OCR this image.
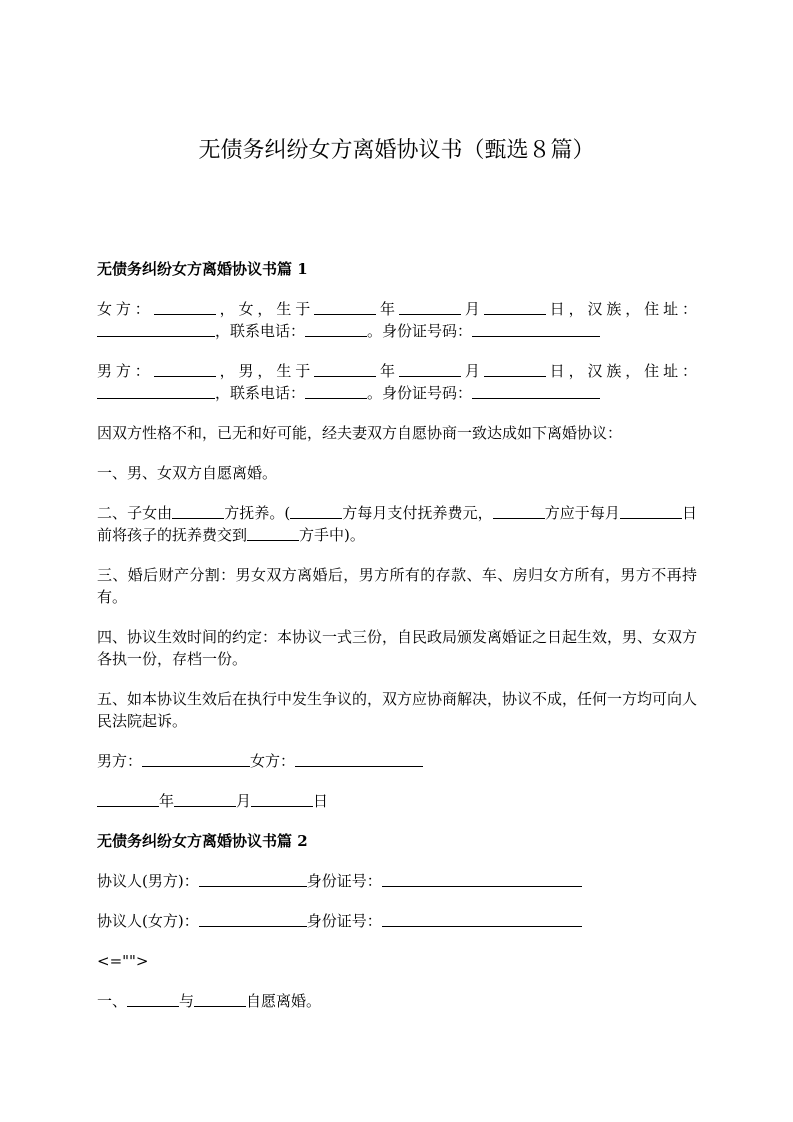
无债务纠纷女方离婚协议书（甄选８篇）
无债务纠纷女方离婚协议书篇 1

女方：	，女，生于	年	月	日，汉族，住址：，联系电话：	。身份证号码：

男方：	，男，生于	年	月	日，汉族，住址：，联系电话：	。身份证号码：

因双方性格不和，已无和好可能，经夫妻双方自愿协商一致达成如下离婚协议：

一、男、女双方自愿离婚。

二、子女由	方抚养。(	方每月支付抚养费元，	方应于每月	日前将孩子的抚养费交到	方手中)。

三、婚后财产分割：男女双方离婚后，男方所有的存款、车、房归女方所有，男方不再持有。

四、协议生效时间的约定：本协议一式三份，自民政局颁发离婚证之日起生效，男、女双方各执一份，存档一份。

五、如本协议生效后在执行中发生争议的，双方应协商解决，协议不成，任何一方均可向人民法院起诉。

男方：	女方：

年	月	日

无债务纠纷女方离婚协议书篇 2

协议人(男方)：	身份证号：

协议人(女方)：	身份证号：

<="">

一、	与	自愿离婚。
